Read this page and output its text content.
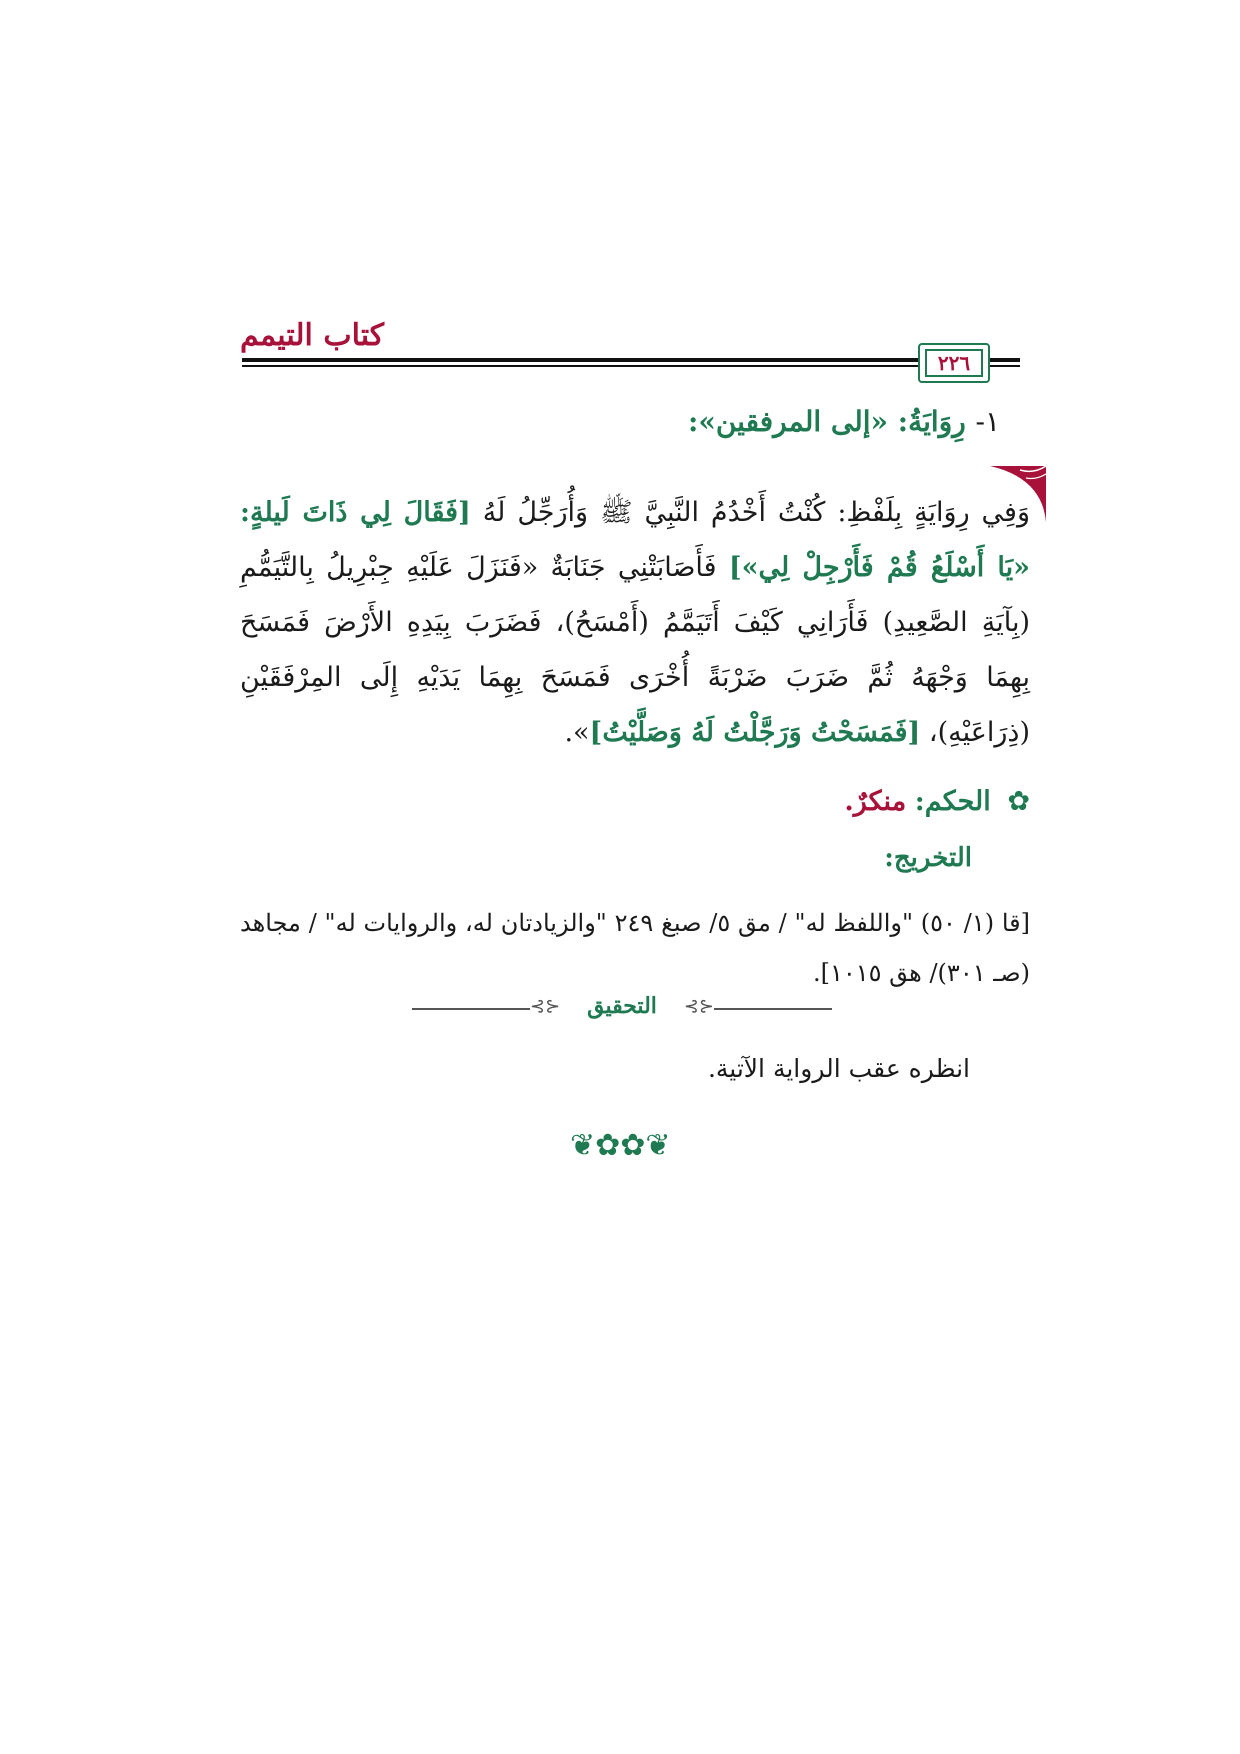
كتاب التيمم
٢٢٦
١- رِوَايَةُ: «إلى المرفقين»:
وَفِي رِوَايَةٍ بِلَفْظِ: كُنْتُ أَخْدُمُ النَّبِيَّ ﷺ وَأُرَجِّلُ لَهُ [فَقَالَ لِي ذَاتَ لَيلةٍ: «يَا أَسْلَعُ قُمْ فَأَرْجِلْ لِي»] فَأَصَابَتْنِي جَنَابَةٌ «فَنَزَلَ عَلَيْهِ جِبْرِيلُ بِالتَّيَمُّمِ (بِآيَةِ الصَّعِيدِ) فَأَرَانِي كَيْفَ أَتَيَمَّمُ (أَمْسَحُ)، فَضَرَبَ بِيَدِهِ الأَرْضَ فَمَسَحَ بِهِمَا وَجْهَهُ ثُمَّ ضَرَبَ ضَرْبَةً أُخْرَى فَمَسَحَ بِهِمَا يَدَيْهِ إِلَى المِرْفَقَيْنِ (ذِرَاعَيْهِ)، [فَمَسَحْتُ وَرَجَّلْتُ لَهُ وَصَلَّيْتُ]».
✿ الحكم: منكرٌ.
التخريج:
[قا (١/ ٥٠) "واللفظ له" / مق ٥/ صبغ ٢٤٩ "والزيادتان له، والروايات له" / مجاهد (صـ ٣٠١)/ هق ١٠١٥].
⊰⊱	التحقيق	⊰⊱
انظره عقب الرواية الآتية.
❦✿✿❦
